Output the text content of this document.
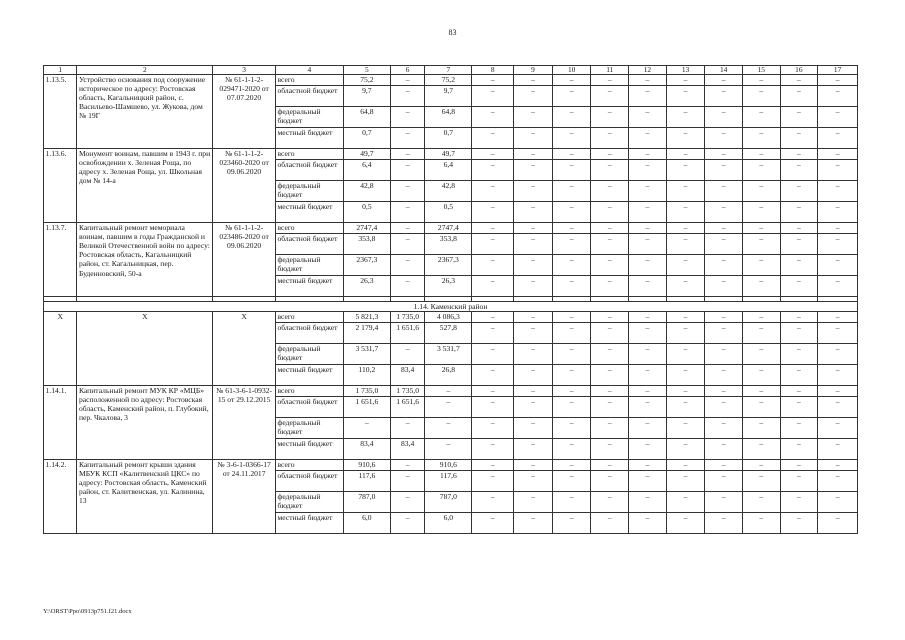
83
1	2	3	4	5	6	7	8	9	10	11	12	13	14	15	16	17
1.13.5.	Устройство основания под сооружение историческое по адресу: Ростовская область, Кагальницкий район, с. Васильево-Шамшево, ул. Жукова, дом № 19Г	№ 61-1-1-2-029471-2020 от 07.07.2020	всего	75,2	–	75,2	–	–	–	–	–	–	–	–	–	–
			областной бюджет	9,7	–	9,7	–	–	–	–	–	–	–	–	–	–
			федеральный бюджет	64,8	–	64,8	–	–	–	–	–	–	–	–	–	–
			местный бюджет	0,7	–	0,7	–	–	–	–	–	–	–	–	–	–
1.13.6.	Монумент воинам, павшим в 1943 г. при освобождении х. Зеленая Роща, по адресу х. Зеленая Роща, ул. Школьная дом № 14-а	№ 61-1-1-2-023460-2020 от 09.06.2020	всего	49,7	–	49,7	–	–	–	–	–	–	–	–	–	–
			областной бюджет	6,4	–	6,4	–	–	–	–	–	–	–	–	–	–
			федеральный бюджет	42,8	–	42,8	–	–	–	–	–	–	–	–	–	–
			местный бюджет	0,5	–	0,5	–	–	–	–	–	–	–	–	–	–
1.13.7.	Капитальный ремонт мемориала воинам, павшим в годы Гражданской и Великой Отечественной войн по адресу: Ростовская область, Кагальницкий район, ст. Кагальницкая, пер. Буденновский, 50-а	№ 61-1-1-2-023486-2020 от 09.06.2020	всего	2747,4	–	2747,4	–	–	–	–	–	–	–	–	–	–
			областной бюджет	353,8	–	353,8	–	–	–	–	–	–	–	–	–	–
			федеральный бюджет	2367,3	–	2367,3	–	–	–	–	–	–	–	–	–	–
			местный бюджет	26,3	–	26,3	–	–	–	–	–	–	–	–	–	–

1.14. Каменский район																
X	X	X	всего	5 821,3	1 735,0	4 086,3	–	–	–	–	–	–	–	–	–	–
			областной бюджет	2 179,4	1 651,6	527,8	–	–	–	–	–	–	–	–	–	–
			федеральный бюджет	3 531,7	–	3 531,7	–	–	–	–	–	–	–	–	–	–
			местный бюджет	110,2	83,4	26,8	–	–	–	–	–	–	–	–	–	–
1.14.1.	Капитальный ремонт МУК КР «МЦБ» расположенной по адресу: Ростовская область, Каменский район, п. Глубокий, пер. Чкалова, 3	№ 61-3-6-1-0932-15 от 29.12.2015	всего	1 735,0	1 735,0	–	–	–	–	–	–	–	–	–	–	–
			областной бюджет	1 651,6	1 651,6	–	–	–	–	–	–	–	–	–	–	–
			федеральный бюджет	–	–	–	–	–	–	–	–	–	–	–	–	–
			местный бюджет	83,4	83,4	–	–	–	–	–	–	–	–	–	–	–
1.14.2.	Капитальный ремонт крыши здания МБУК КСП «Калитвенский ЦКС» по адресу: Ростовская область, Каменский район, ст. Калитвенская, ул. Калинина, 13	№ 3-6-1-0366-17 от 24.11.2017	всего	910,6	–	910,6	–	–	–	–	–	–	–	–	–	–
			областной бюджет	117,6	–	117,6	–	–	–	–	–	–	–	–	–	–
			федеральный бюджет	787,0	–	787,0	–	–	–	–	–	–	–	–	–	–
			местный бюджет	6,0	–	6,0	–	–	–	–	–	–	–	–	–	–
Y:\ORST\Ppo\0913p751.f21.docx
